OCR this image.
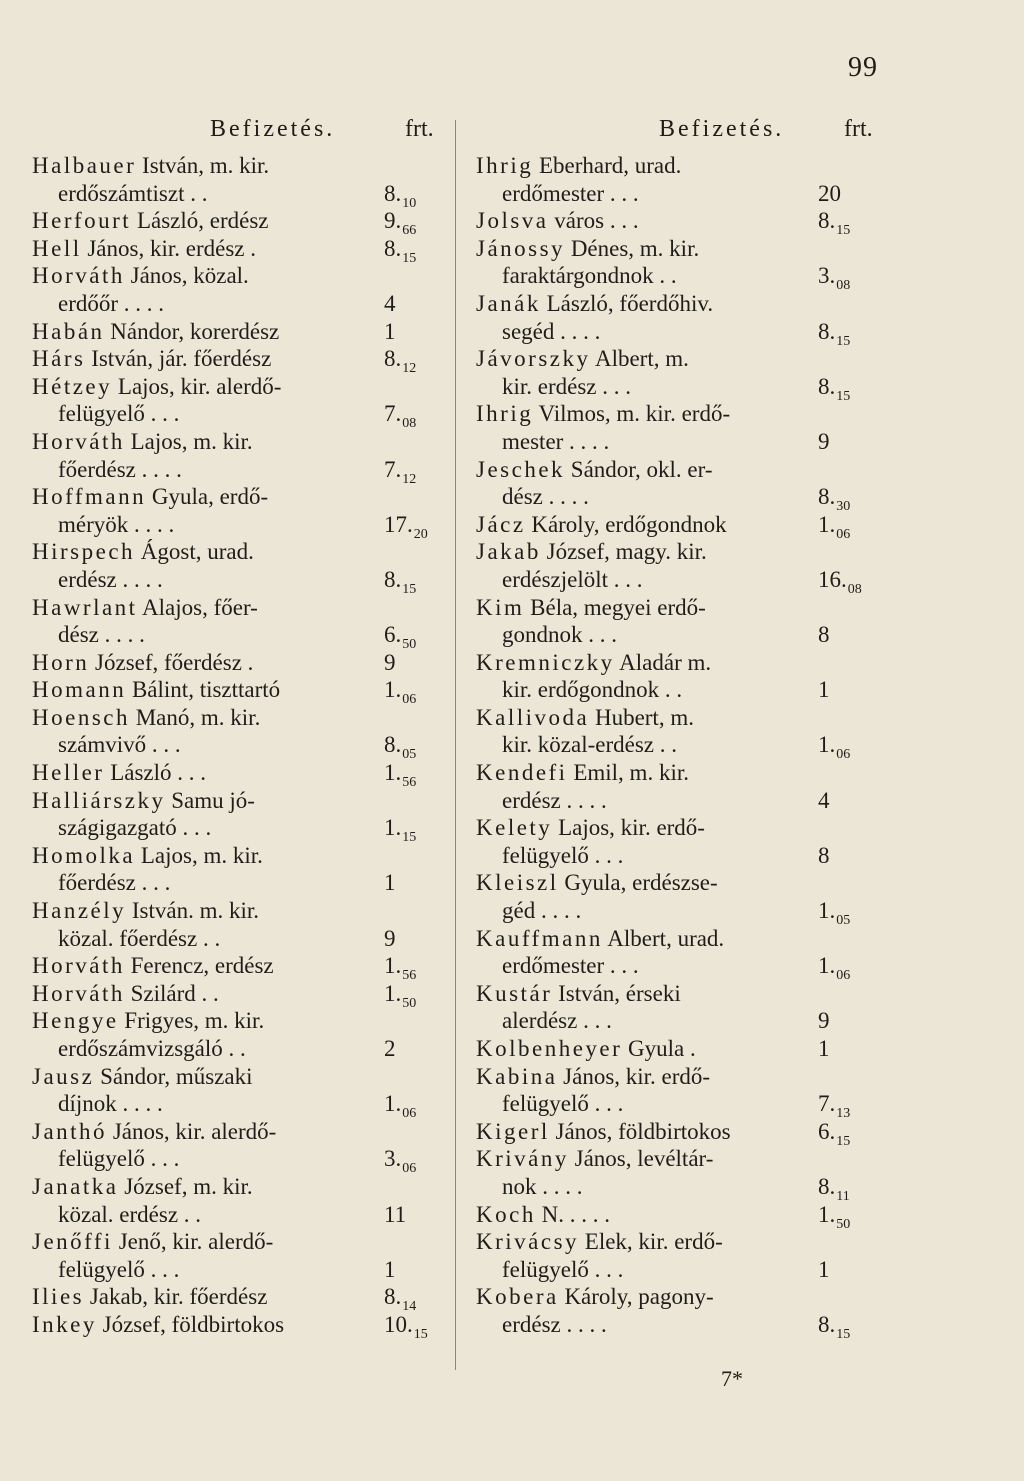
99
Befizetés.	frt.
Halbauer István, m. kir.
erdőszámtiszt . .	$8._{10}$
Herfourt László, erdész	$9._{66}$
Hell János, kir. erdész .	$8._{15}$
Horváth János, közal.
erdőőr . . . .	4
Habán Nándor, korerdész	1
Hárs István, jár. főerdész	$8._{12}$
Hétzey Lajos, kir. alerdő-
felügyelő . . .	$7._{08}$
Horváth Lajos, m. kir.
főerdész . . . .	$7._{12}$
Hoffmann Gyula, erdő-
méryök . . . .	$17._{20}$
Hirspech Ágost, urad.
erdész . . . .	$8._{15}$
Hawrlant Alajos, főer-
dész . . . .	$6._{50}$
Horn József, főerdész .	9
Homann Bálint, tiszttartó	$1._{06}$
Hoensch Manó, m. kir.
számvivő . . .	$8._{05}$
Heller László . . .	$1._{56}$
Halliárszky Samu jó-
szágigazgató . . .	$1._{15}$
Homolka Lajos, m. kir.
főerdész . . .	1
Hanzély István. m. kir.
közal. főerdész . .	9
Horváth Ferencz, erdész	$1._{56}$
Horváth Szilárd . .	$1._{50}$
Hengye Frigyes, m. kir.
erdőszámvizsgáló . .	2
Jausz Sándor, műszaki
díjnok . . . .	$1._{06}$
Janthó János, kir. alerdő-
felügyelő . . .	$3._{06}$
Janatka József, m. kir.
közal. erdész . .	11
Jenőffi Jenő, kir. alerdő-
felügyelő . . .	1
Ilies Jakab, kir. főerdész	$8._{14}$
Inkey József, földbirtokos	$10._{15}$
Befizetés. frt.
Ihrig Eberhard, urad.
erdőmester . . .	20
Jolsva város . . .	$8._{15}$
Jánossy Dénes, m. kir.
faraktárgondnok . .	$3._{08}$
Janák László, főerdőhiv.
segéd . . . .	$8._{15}$
Jávorszky Albert, m.
kir. erdész . . .	$8._{15}$
Ihrig Vilmos, m. kir. erdő-
mester . . . .	9
Jeschek Sándor, okl. er-
dész . . . .	$8._{30}$
Jácz Károly, erdőgondnok	$1._{06}$
Jakab József, magy. kir.
erdészjelölt . . .	$16._{08}$
Kim Béla, megyei erdő-
gondnok . . .	8
Kremniczky Aladár m.
kir. erdőgondnok . .	1
Kallivoda Hubert, m.
kir. közal-erdész . .	$1._{06}$
Kendefi Emil, m. kir.
erdész . . . .	4
Kelety Lajos, kir. erdő-
felügyelő . . .	8
Kleiszl Gyula, erdészse-
géd . . . .	$1._{05}$
Kauffmann Albert, urad.
erdőmester . . .	$1._{06}$
Kustár István, érseki
alerdész . . .	9
Kolbenheyer Gyula .	1
Kabina János, kir. erdő-
felügyelő . . .	$7._{13}$
Kigerl János, földbirtokos	$6._{15}$
Krivány János, levéltár-
nok . . . .	$8._{11}$
Koch N. . . . .	$1._{50}$
Krivácsy Elek, kir. erdő-
felügyelő . . .	1
Kobera Károly, pagony-
erdész . . . .	$8._{15}$
7*
